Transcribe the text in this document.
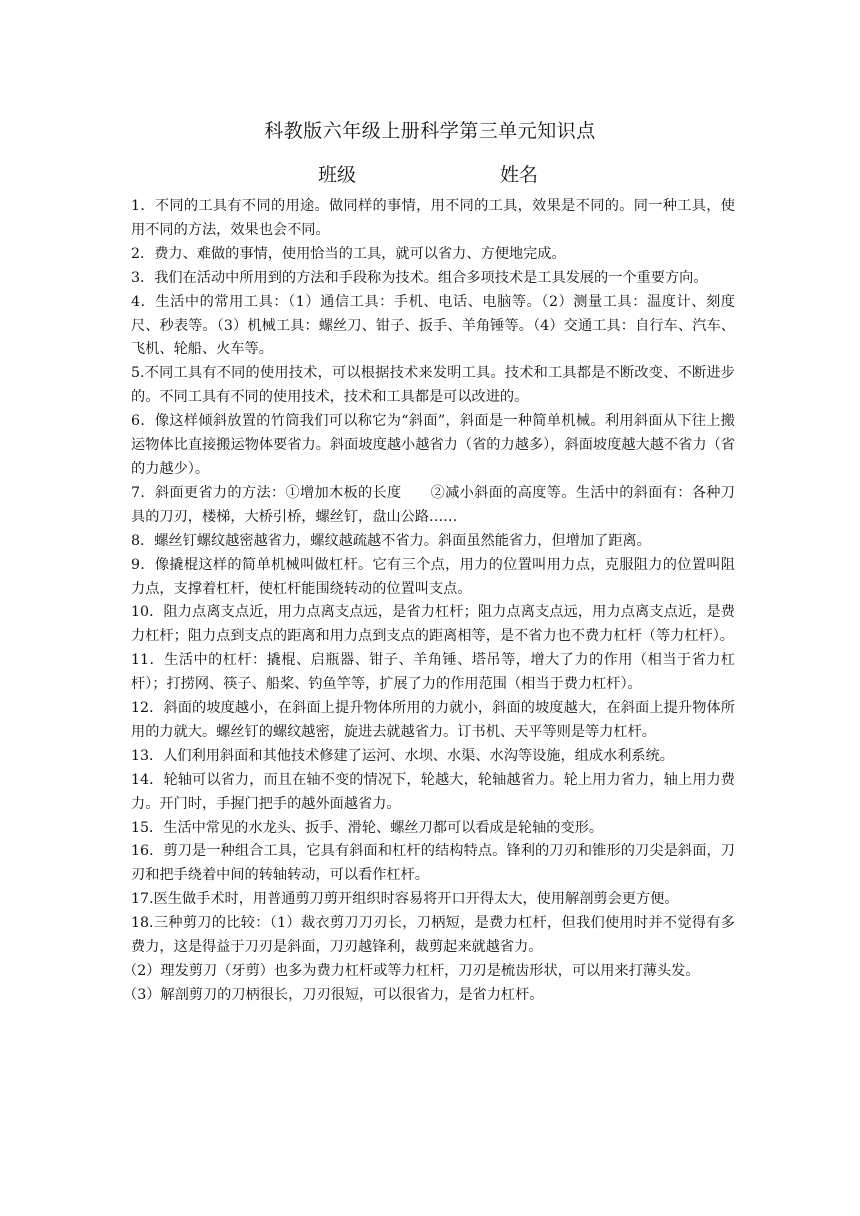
科教版六年级上册科学第三单元知识点
班级	姓名

1．不同的工具有不同的用途。做同样的事情，用不同的工具，效果是不同的。同一种工具，使用不同的方法，效果也会不同。

2．费力、难做的事情，使用恰当的工具，就可以省力、方便地完成。

3．我们在活动中所用到的方法和手段称为技术。组合多项技术是工具发展的一个重要方向。

4．生活中的常用工具：（1）通信工具：手机、电话、电脑等。（2）测量工具：温度计、刻度尺、秒表等。（3）机械工具：螺丝刀、钳子、扳手、羊角锤等。（4）交通工具：自行车、汽车、飞机、轮船、火车等。

5.不同工具有不同的使用技术，可以根据技术来发明工具。技术和工具都是不断改变、不断进步的。不同工具有不同的使用技术，技术和工具都是可以改进的。

6．像这样倾斜放置的竹筒我们可以称它为“斜面”，斜面是一种简单机械。利用斜面从下往上搬运物体比直接搬运物体要省力。斜面坡度越小越省力（省的力越多），斜面坡度越大越不省力（省的力越少）。

7．斜面更省力的方法：①增加木板的长度　　②减小斜面的高度等。生活中的斜面有：各种刀具的刀刃，楼梯，大桥引桥，螺丝钉，盘山公路……

8．螺丝钉螺纹越密越省力，螺纹越疏越不省力。斜面虽然能省力，但增加了距离。

9．像撬棍这样的简单机械叫做杠杆。它有三个点，用力的位置叫用力点，克服阻力的位置叫阻力点，支撑着杠杆，使杠杆能围绕转动的位置叫支点。

10．阻力点离支点近，用力点离支点远，是省力杠杆；阻力点离支点远，用力点离支点近，是费力杠杆；阻力点到支点的距离和用力点到支点的距离相等，是不省力也不费力杠杆（等力杠杆）。

11．生活中的杠杆：撬棍、启瓶器、钳子、羊角锤、塔吊等，增大了力的作用（相当于省力杠杆）；打捞网、筷子、船桨、钓鱼竿等，扩展了力的作用范围（相当于费力杠杆）。

12．斜面的坡度越小，在斜面上提升物体所用的力就小，斜面的坡度越大，在斜面上提升物体所用的力就大。螺丝钉的螺纹越密，旋进去就越省力。订书机、天平等则是等力杠杆。

13．人们利用斜面和其他技术修建了运河、水坝、水渠、水沟等设施，组成水利系统。

14．轮轴可以省力，而且在轴不变的情况下，轮越大，轮轴越省力。轮上用力省力，轴上用力费力。开门时，手握门把手的越外面越省力。

15．生活中常见的水龙头、扳手、滑轮、螺丝刀都可以看成是轮轴的变形。

16．剪刀是一种组合工具，它具有斜面和杠杆的结构特点。锋利的刀刃和锥形的刀尖是斜面，刀刃和把手绕着中间的转轴转动，可以看作杠杆。

17.医生做手术时，用普通剪刀剪开组织时容易将开口开得太大，使用解剖剪会更方便。

18.三种剪刀的比较：（1）裁衣剪刀刀刃长，刀柄短，是费力杠杆，但我们使用时并不觉得有多费力，这是得益于刀刃是斜面，刀刃越锋利，裁剪起来就越省力。

（2）理发剪刀（牙剪）也多为费力杠杆或等力杠杆，刀刃是梳齿形状，可以用来打薄头发。

（3）解剖剪刀的刀柄很长，刀刃很短，可以很省力，是省力杠杆。
